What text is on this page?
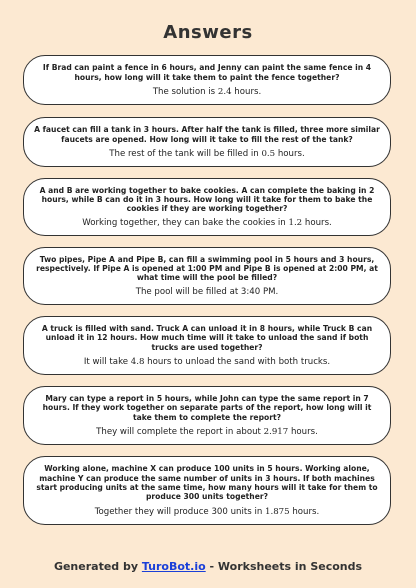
Answers
If Brad can paint a fence in 6 hours, and Jenny can paint the same fence in 4 hours, how long will it take them to paint the fence together?
The solution is 2.4 hours.
A faucet can fill a tank in 3 hours. After half the tank is filled, three more similar faucets are opened. How long will it take to fill the rest of the tank?
The rest of the tank will be filled in 0.5 hours.
A and B are working together to bake cookies. A can complete the baking in 2 hours, while B can do it in 3 hours. How long will it take for them to bake the cookies if they are working together?
Working together, they can bake the cookies in 1.2 hours.
Two pipes, Pipe A and Pipe B, can fill a swimming pool in 5 hours and 3 hours, respectively. If Pipe A is opened at 1:00 PM and Pipe B is opened at 2:00 PM, at what time will the pool be filled?
The pool will be filled at 3:40 PM.
A truck is filled with sand. Truck A can unload it in 8 hours, while Truck B can unload it in 12 hours. How much time will it take to unload the sand if both trucks are used together?
It will take 4.8 hours to unload the sand with both trucks.
Mary can type a report in 5 hours, while John can type the same report in 7 hours. If they work together on separate parts of the report, how long will it take them to complete the report?
They will complete the report in about 2.917 hours.
Working alone, machine X can produce 100 units in 5 hours. Working alone, machine Y can produce the same number of units in 3 hours. If both machines start producing units at the same time, how many hours will it take for them to produce 300 units together?
Together they will produce 300 units in 1.875 hours.
Generated by TuroBot.io - Worksheets in Seconds
